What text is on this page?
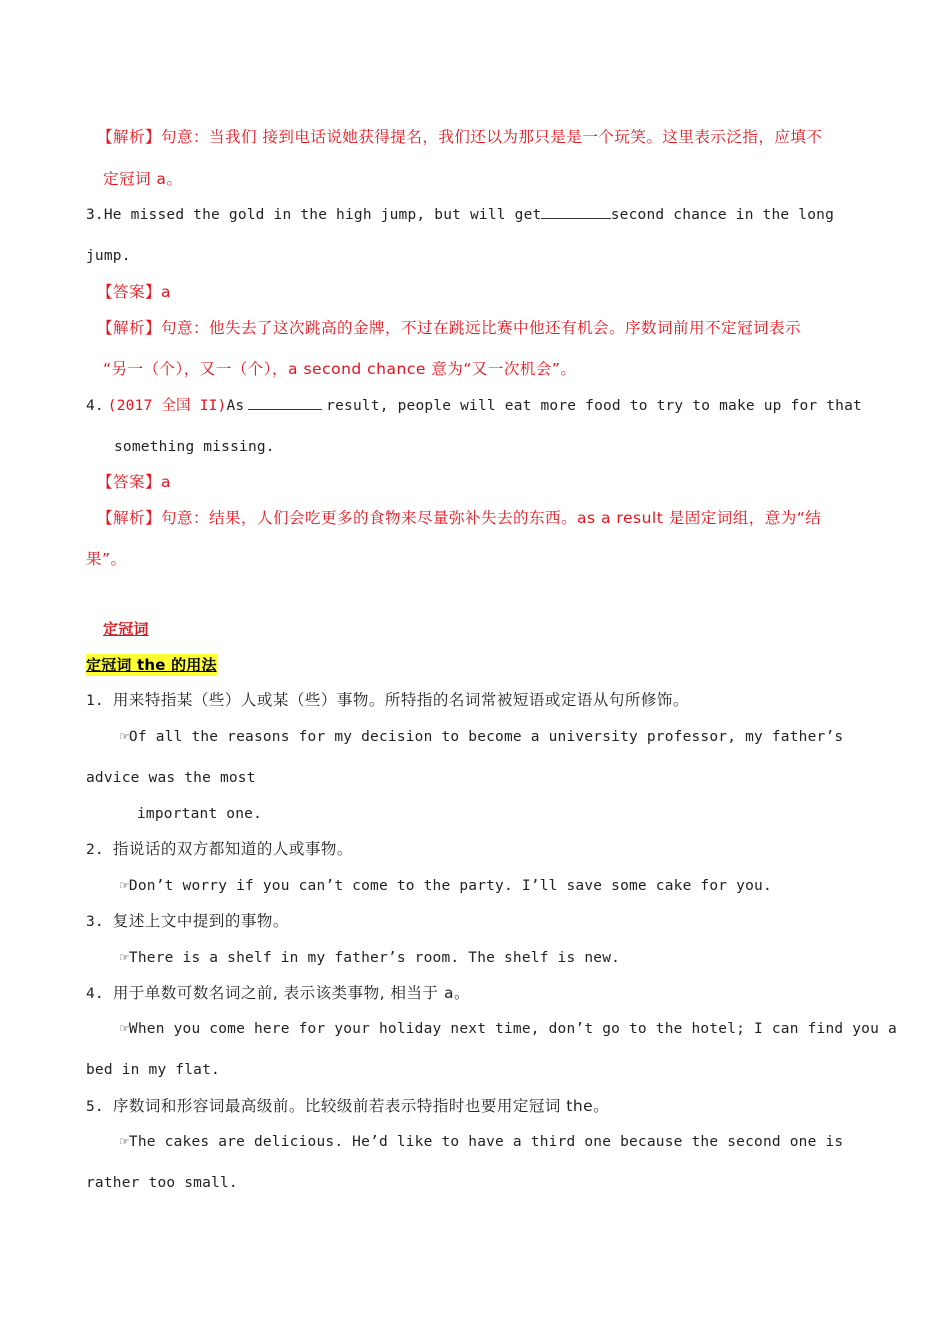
【解析】句意：当我们 接到电话说她获得提名，我们还以为那只是是一个玩笑。这里表示泛指，应填不
定冠词 a。
3. He missed the gold in the high jump, but will get	second chance in the long
jump.
【答案】a
【解析】句意：他失去了这次跳高的金牌，不过在跳远比赛中他还有机会。序数词前用不定冠词表示
“另一（个），又一（个），a second chance 意为“又一次机会”。
4. (2017 全国 II)As	result, people will eat more food to try to make up for that
something missing.
【答案】a
【解析】句意：结果，人们会吃更多的食物来尽量弥补失去的东西。as a result 是固定词组，意为“结
果”。
定冠词
定冠词 the 的用法
1. 用来特指某（些）人或某（些）事物。所特指的名词常被短语或定语从句所修饰。
☞Of all the reasons for my decision to become a university professor, my father’s
advice was the most
important one.
2. 指说话的双方都知道的人或事物。
☞Don’t worry if you can’t come to the party. I’ll save some cake for you.
3. 复述上文中提到的事物。
☞There is a shelf in my father’s room. The shelf is new.
4. 用于单数可数名词之前, 表示该类事物, 相当于 a。
☞When you come here for your holiday next time, don’t go to the hotel; I can find you a
bed in my flat.
5. 序数词和形容词最高级前。比较级前若表示特指时也要用定冠词 the。
☞The cakes are delicious. He’d like to have a third one because the second one is
rather too small.
